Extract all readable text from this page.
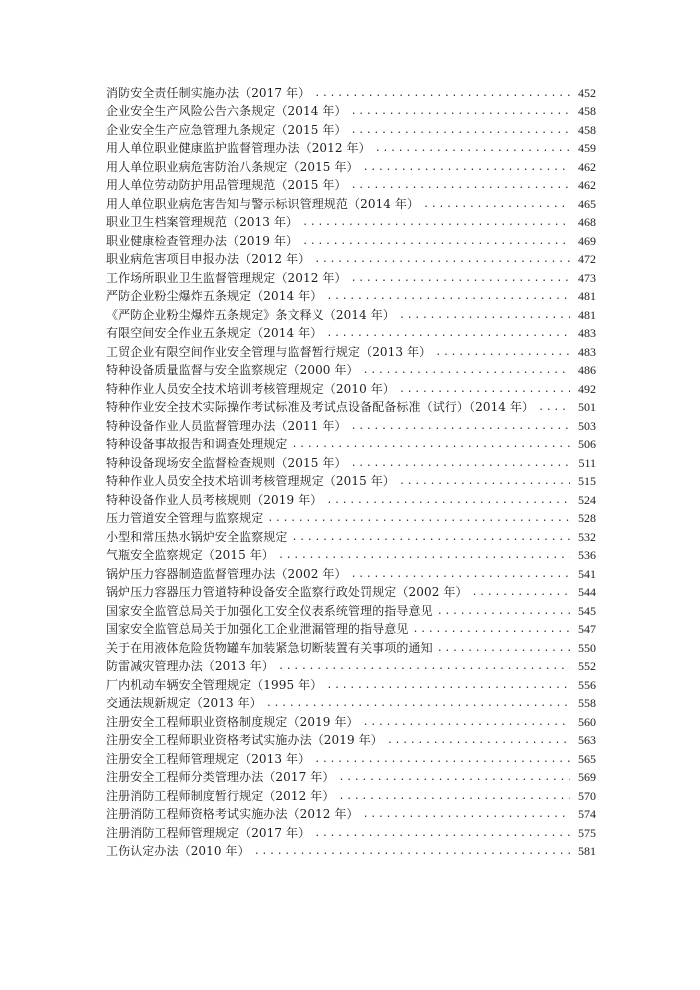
消防安全责任制实施办法（2017 年） .....	452
企业安全生产风险公告六条规定（2014 年） .....	458
企业安全生产应急管理九条规定（2015 年） .....	458
用人单位职业健康监护监督管理办法（2012 年） .....	459
用人单位职业病危害防治八条规定（2015 年） .....	462
用人单位劳动防护用品管理规范（2015 年） .....	462
用人单位职业病危害告知与警示标识管理规范（2014 年） .....	465
职业卫生档案管理规范（2013 年） .....	468
职业健康检查管理办法（2019 年） .....	469
职业病危害项目申报办法（2012 年） .....	472
工作场所职业卫生监督管理规定（2012 年） .....	473
严防企业粉尘爆炸五条规定（2014 年） .....	481
《严防企业粉尘爆炸五条规定》条文释义（2014 年） .....	481
有限空间安全作业五条规定（2014 年） .....	483
工贸企业有限空间作业安全管理与监督暂行规定（2013 年） .....	483
特种设备质量监督与安全监察规定（2000 年） .....	486
特种作业人员安全技术培训考核管理规定（2010 年） .....	492
特种作业安全技术实际操作考试标准及考试点设备配备标准（试行）（2014 年） .....	501
特种设备作业人员监督管理办法（2011 年） .....	503
特种设备事故报告和调查处理规定 .....	506
特种设备现场安全监督检查规则（2015 年） .....	511
特种作业人员安全技术培训考核管理规定（2015 年） .....	515
特种设备作业人员考核规则（2019 年） .....	524
压力管道安全管理与监察规定 .....	528
小型和常压热水锅炉安全监察规定 .....	532
气瓶安全监察规定（2015 年） .....	536
锅炉压力容器制造监督管理办法（2002 年） .....	541
锅炉压力容器压力管道特种设备安全监察行政处罚规定（2002 年） .....	544
国家安全监管总局关于加强化工安全仪表系统管理的指导意见 .....	545
国家安全监管总局关于加强化工企业泄漏管理的指导意见 .....	547
关于在用液体危险货物罐车加装紧急切断装置有关事项的通知 .....	550
防雷减灾管理办法（2013 年） .....	552
厂内机动车辆安全管理规定（1995 年） .....	556
交通法规新规定（2013 年） .....	558
注册安全工程师职业资格制度规定（2019 年） .....	560
注册安全工程师职业资格考试实施办法（2019 年） .....	563
注册安全工程师管理规定（2013 年） .....	565
注册安全工程师分类管理办法（2017 年） .....	569
注册消防工程师制度暂行规定（2012 年） .....	570
注册消防工程师资格考试实施办法（2012 年） .....	574
注册消防工程师管理规定（2017 年） .....	575
工伤认定办法（2010 年） .....	581
